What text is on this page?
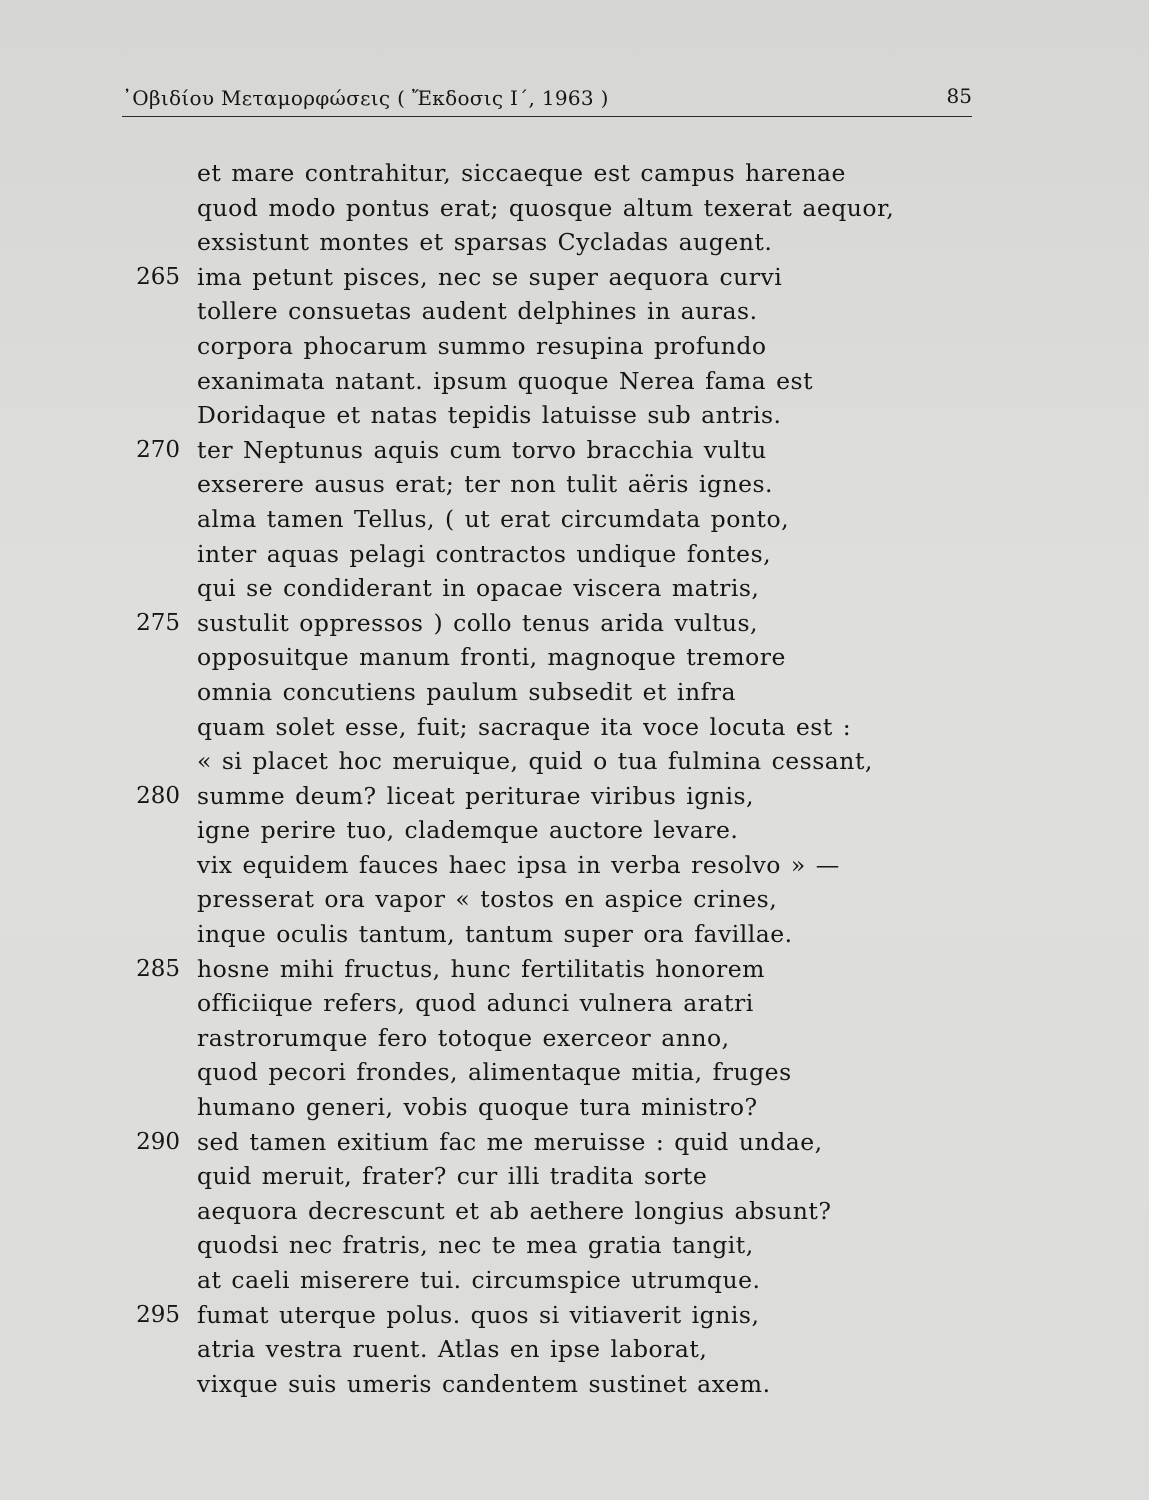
᾿Οβιδίου Μεταμορφώσεις ( Ἔκδοσις Ι΄, 1963 )	85
et mare contrahitur, siccaeque est campus harenae
quod modo pontus erat; quosque altum texerat aequor,
exsistunt montes et sparsas Cycladas augent.
265 ima petunt pisces, nec se super aequora curvi
tollere consuetas audent delphines in auras.
corpora phocarum summo resupina profundo
exanimata natant. ipsum quoque Nerea fama est
Doridaque et natas tepidis latuisse sub antris.
270 ter Neptunus aquis cum torvo bracchia vultu
exserere ausus erat; ter non tulit aëris ignes.
alma tamen Tellus, ( ut erat circumdata ponto,
inter aquas pelagi contractos undique fontes,
qui se condiderant in opacae viscera matris,
275 sustulit oppressos ) collo tenus arida vultus,
opposuitque manum fronti, magnoque tremore
omnia concutiens paulum subsedit et infra
quam solet esse, fuit; sacraque ita voce locuta est :
« si placet hoc meruique, quid o tua fulmina cessant,
280 summe deum? liceat periturae viribus ignis,
igne perire tuo, clademque auctore levare.
vix equidem fauces haec ipsa in verba resolvo » —
presserat ora vapor « tostos en aspice crines,
inque oculis tantum, tantum super ora favillae.
285 hosne mihi fructus, hunc fertilitatis honorem
officiique refers, quod adunci vulnera aratri
rastrorumque fero totoque exerceor anno,
quod pecori frondes, alimentaque mitia, fruges
humano generi, vobis quoque tura ministro?
290 sed tamen exitium fac me meruisse : quid undae,
quid meruit, frater? cur illi tradita sorte
aequora decrescunt et ab aethere longius absunt?
quodsi nec fratris, nec te mea gratia tangit,
at caeli miserere tui. circumspice utrumque.
295 fumat uterque polus. quos si vitiaverit ignis,
atria vestra ruent. Atlas en ipse laborat,
vixque suis umeris candentem sustinet axem.
